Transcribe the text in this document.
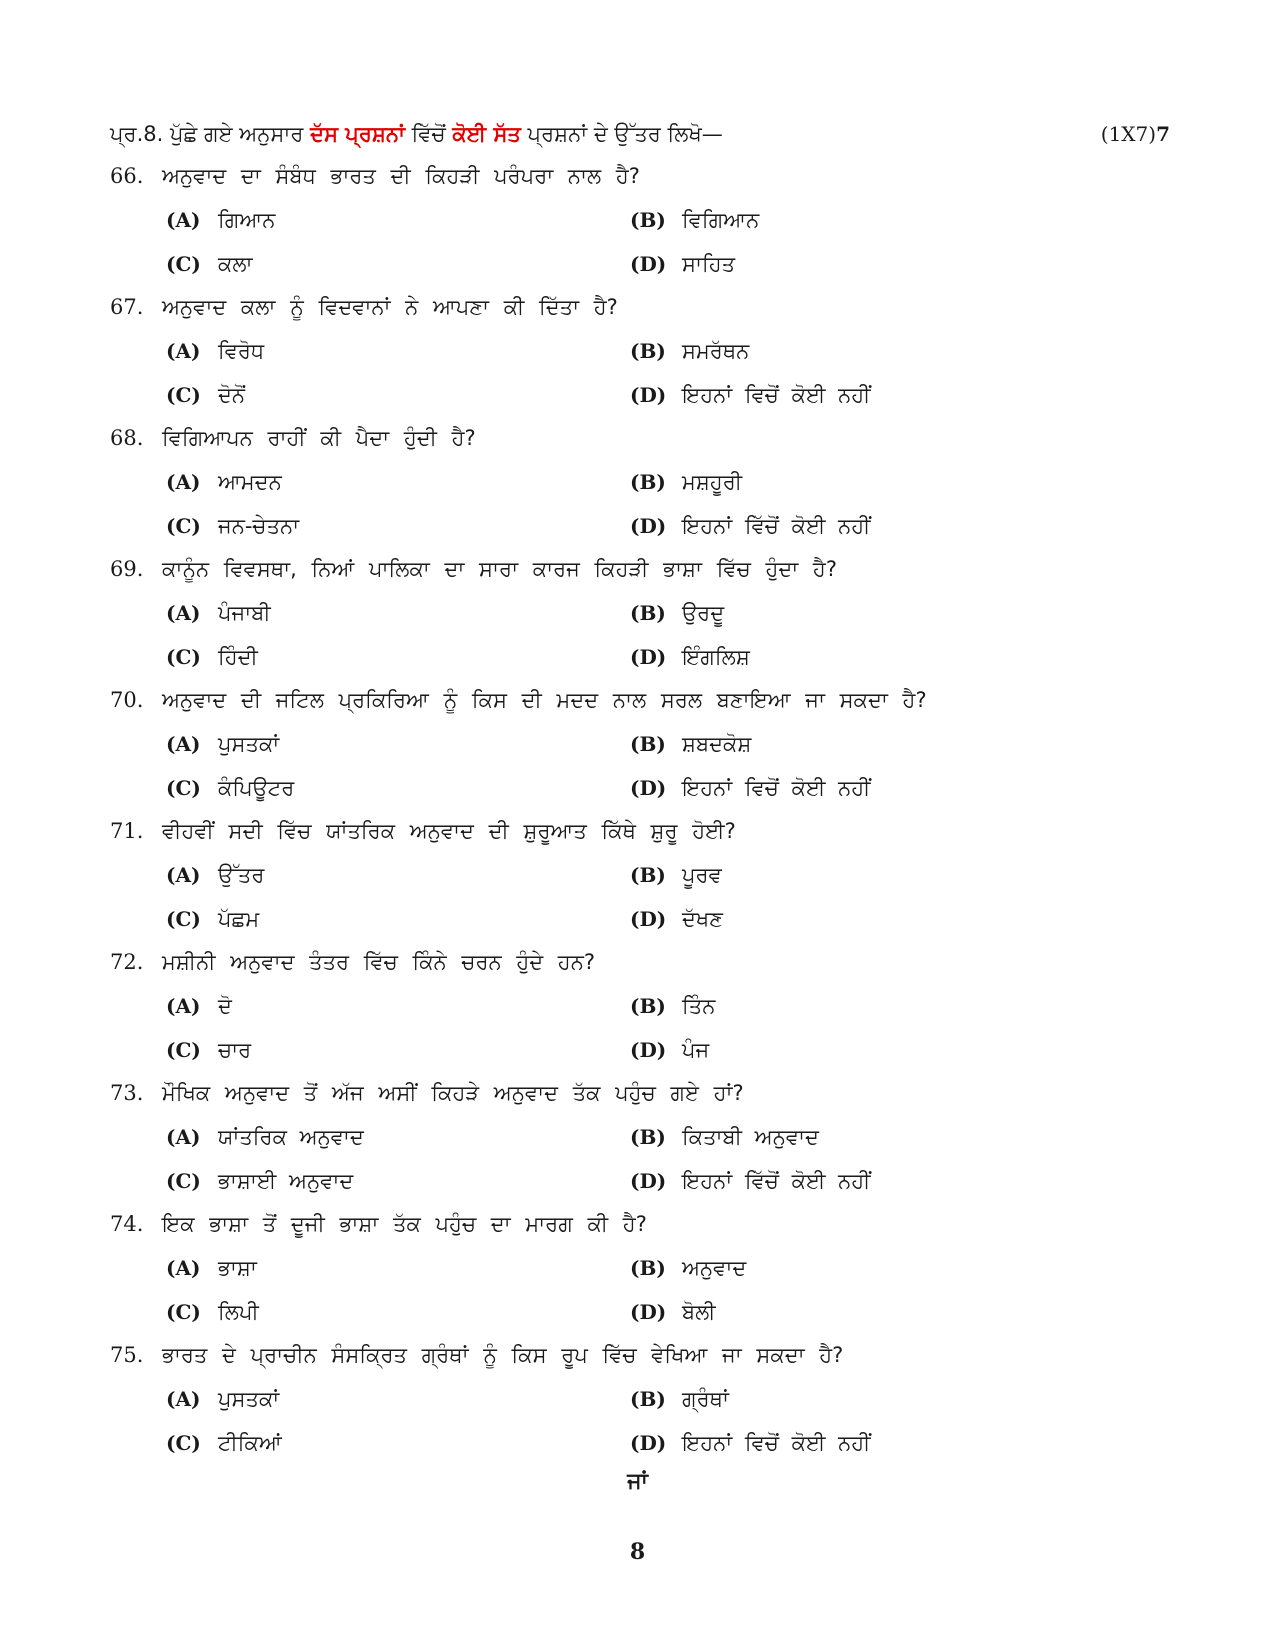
ਪ੍ਰ.8. ਪੁੱਛੇ ਗਏ ਅਨੁਸਾਰ ਦੱਸ ਪ੍ਰਸ਼ਨਾਂ ਵਿੱਚੋਂ ਕੋਈ ਸੱਤ ਪ੍ਰਸ਼ਨਾਂ ਦੇ ਉੱਤਰ ਲਿਖੋ—	(1X7)7
66. ਅਨੁਵਾਦ ਦਾ ਸੰਬੰਧ ਭਾਰਤ ਦੀ ਕਿਹੜੀ ਪਰੰਪਰਾ ਨਾਲ ਹੈ?
(A) ਗਿਆਨ	(B) ਵਿਗਿਆਨ
(C) ਕਲਾ	(D) ਸਾਹਿਤ
67. ਅਨੁਵਾਦ ਕਲਾ ਨੂੰ ਵਿਦਵਾਨਾਂ ਨੇ ਆਪਣਾ ਕੀ ਦਿੱਤਾ ਹੈ?
(A) ਵਿਰੋਧ	(B) ਸਮਰੱਥਨ
(C) ਦੋਨੋਂ	(D) ਇਹਨਾਂ ਵਿਚੋਂ ਕੋਈ ਨਹੀਂ
68. ਵਿਗਿਆਪਨ ਰਾਹੀਂ ਕੀ ਪੈਦਾ ਹੁੰਦੀ ਹੈ?
(A) ਆਮਦਨ	(B) ਮਸ਼ਹੂਰੀ
(C) ਜਨ-ਚੇਤਨਾ	(D) ਇਹਨਾਂ ਵਿੱਚੋਂ ਕੋਈ ਨਹੀਂ
69. ਕਾਨੂੰਨ ਵਿਵਸਥਾ, ਨਿਆਂ ਪਾਲਿਕਾ ਦਾ ਸਾਰਾ ਕਾਰਜ ਕਿਹੜੀ ਭਾਸ਼ਾ ਵਿੱਚ ਹੁੰਦਾ ਹੈ?
(A) ਪੰਜਾਬੀ	(B) ਉਰਦੂ
(C) ਹਿੰਦੀ	(D) ਇੰਗਲਿਸ਼
70. ਅਨੁਵਾਦ ਦੀ ਜਟਿਲ ਪ੍ਰਕਿਰਿਆ ਨੂੰ ਕਿਸ ਦੀ ਮਦਦ ਨਾਲ ਸਰਲ ਬਣਾਇਆ ਜਾ ਸਕਦਾ ਹੈ?
(A) ਪੁਸਤਕਾਂ	(B) ਸ਼ਬਦਕੋਸ਼
(C) ਕੰਪਿਊਟਰ	(D) ਇਹਨਾਂ ਵਿਚੋਂ ਕੋਈ ਨਹੀਂ
71. ਵੀਹਵੀਂ ਸਦੀ ਵਿੱਚ ਯਾਂਤਰਿਕ ਅਨੁਵਾਦ ਦੀ ਸ਼ੁਰੂਆਤ ਕਿੱਥੇ ਸ਼ੁਰੂ ਹੋਈ?
(A) ਉੱਤਰ	(B) ਪੂਰਵ
(C) ਪੱਛਮ	(D) ਦੱਖਣ
72. ਮਸ਼ੀਨੀ ਅਨੁਵਾਦ ਤੰਤਰ ਵਿੱਚ ਕਿੰਨੇ ਚਰਨ ਹੁੰਦੇ ਹਨ?
(A) ਦੋ	(B) ਤਿੰਨ
(C) ਚਾਰ	(D) ਪੰਜ
73. ਮੌਖਿਕ ਅਨੁਵਾਦ ਤੋਂ ਅੱਜ ਅਸੀਂ ਕਿਹੜੇ ਅਨੁਵਾਦ ਤੱਕ ਪਹੁੰਚ ਗਏ ਹਾਂ?
(A) ਯਾਂਤਰਿਕ ਅਨੁਵਾਦ	(B) ਕਿਤਾਬੀ ਅਨੁਵਾਦ
(C) ਭਾਸ਼ਾਈ ਅਨੁਵਾਦ	(D) ਇਹਨਾਂ ਵਿੱਚੋਂ ਕੋਈ ਨਹੀਂ
74. ਇਕ ਭਾਸ਼ਾ ਤੋਂ ਦੂਜੀ ਭਾਸ਼ਾ ਤੱਕ ਪਹੁੰਚ ਦਾ ਮਾਰਗ ਕੀ ਹੈ?
(A) ਭਾਸ਼ਾ	(B) ਅਨੁਵਾਦ
(C) ਲਿਪੀ	(D) ਬੋਲੀ
75. ਭਾਰਤ ਦੇ ਪ੍ਰਾਚੀਨ ਸੰਸਕ੍ਰਿਤ ਗ੍ਰੰਥਾਂ ਨੂੰ ਕਿਸ ਰੂਪ ਵਿੱਚ ਵੇਖਿਆ ਜਾ ਸਕਦਾ ਹੈ?
(A) ਪੁਸਤਕਾਂ	(B) ਗ੍ਰੰਥਾਂ
(C) ਟੀਕਿਆਂ	(D) ਇਹਨਾਂ ਵਿਚੋਂ ਕੋਈ ਨਹੀਂ
ਜਾਂ
8
